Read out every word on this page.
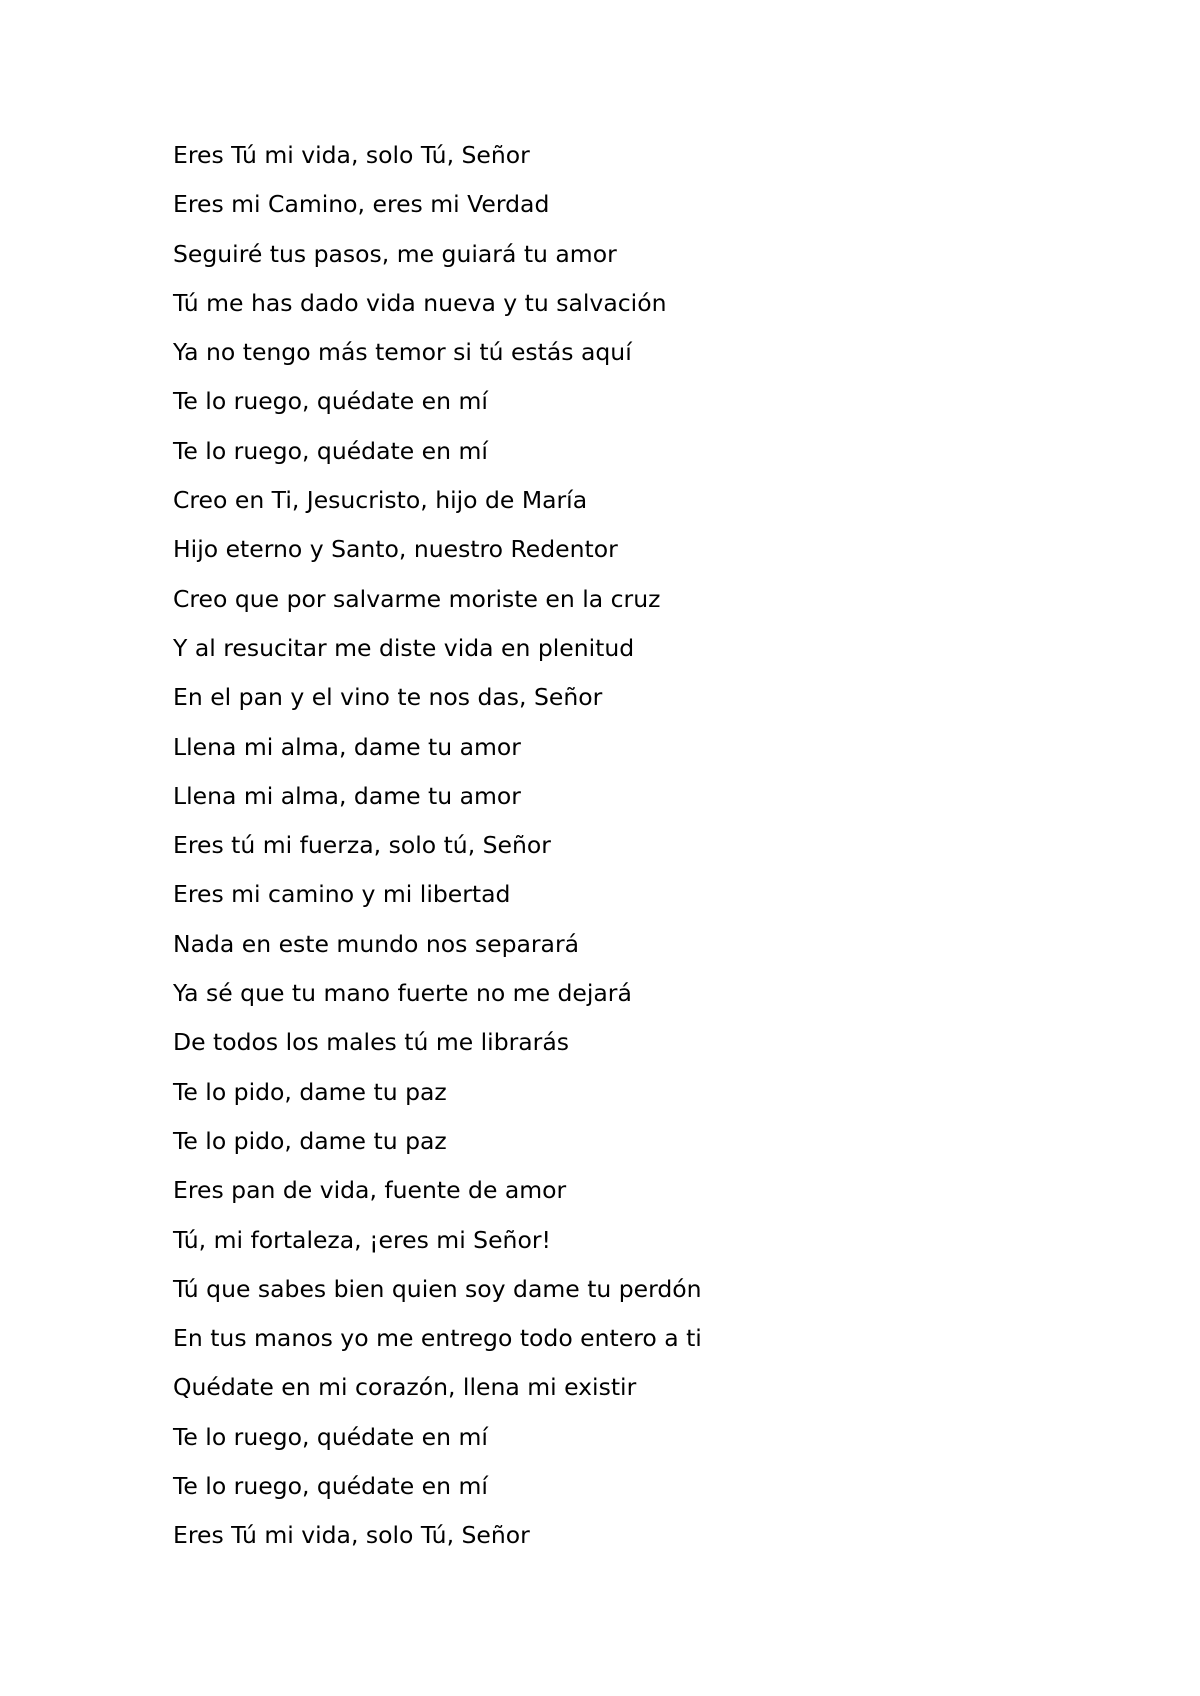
Eres Tú mi vida, solo Tú, Señor
Eres mi Camino, eres mi Verdad
Seguiré tus pasos, me guiará tu amor
Tú me has dado vida nueva y tu salvación
Ya no tengo más temor si tú estás aquí
Te lo ruego, quédate en mí
Te lo ruego, quédate en mí
Creo en Ti, Jesucristo, hijo de María
Hijo eterno y Santo, nuestro Redentor
Creo que por salvarme moriste en la cruz
Y al resucitar me diste vida en plenitud
En el pan y el vino te nos das, Señor
Llena mi alma, dame tu amor
Llena mi alma, dame tu amor
Eres tú mi fuerza, solo tú, Señor
Eres mi camino y mi libertad
Nada en este mundo nos separará
Ya sé que tu mano fuerte no me dejará
De todos los males tú me librarás
Te lo pido, dame tu paz
Te lo pido, dame tu paz
Eres pan de vida, fuente de amor
Tú, mi fortaleza, ¡eres mi Señor!
Tú que sabes bien quien soy dame tu perdón
En tus manos yo me entrego todo entero a ti
Quédate en mi corazón, llena mi existir
Te lo ruego, quédate en mí
Te lo ruego, quédate en mí
Eres Tú mi vida, solo Tú, Señor
